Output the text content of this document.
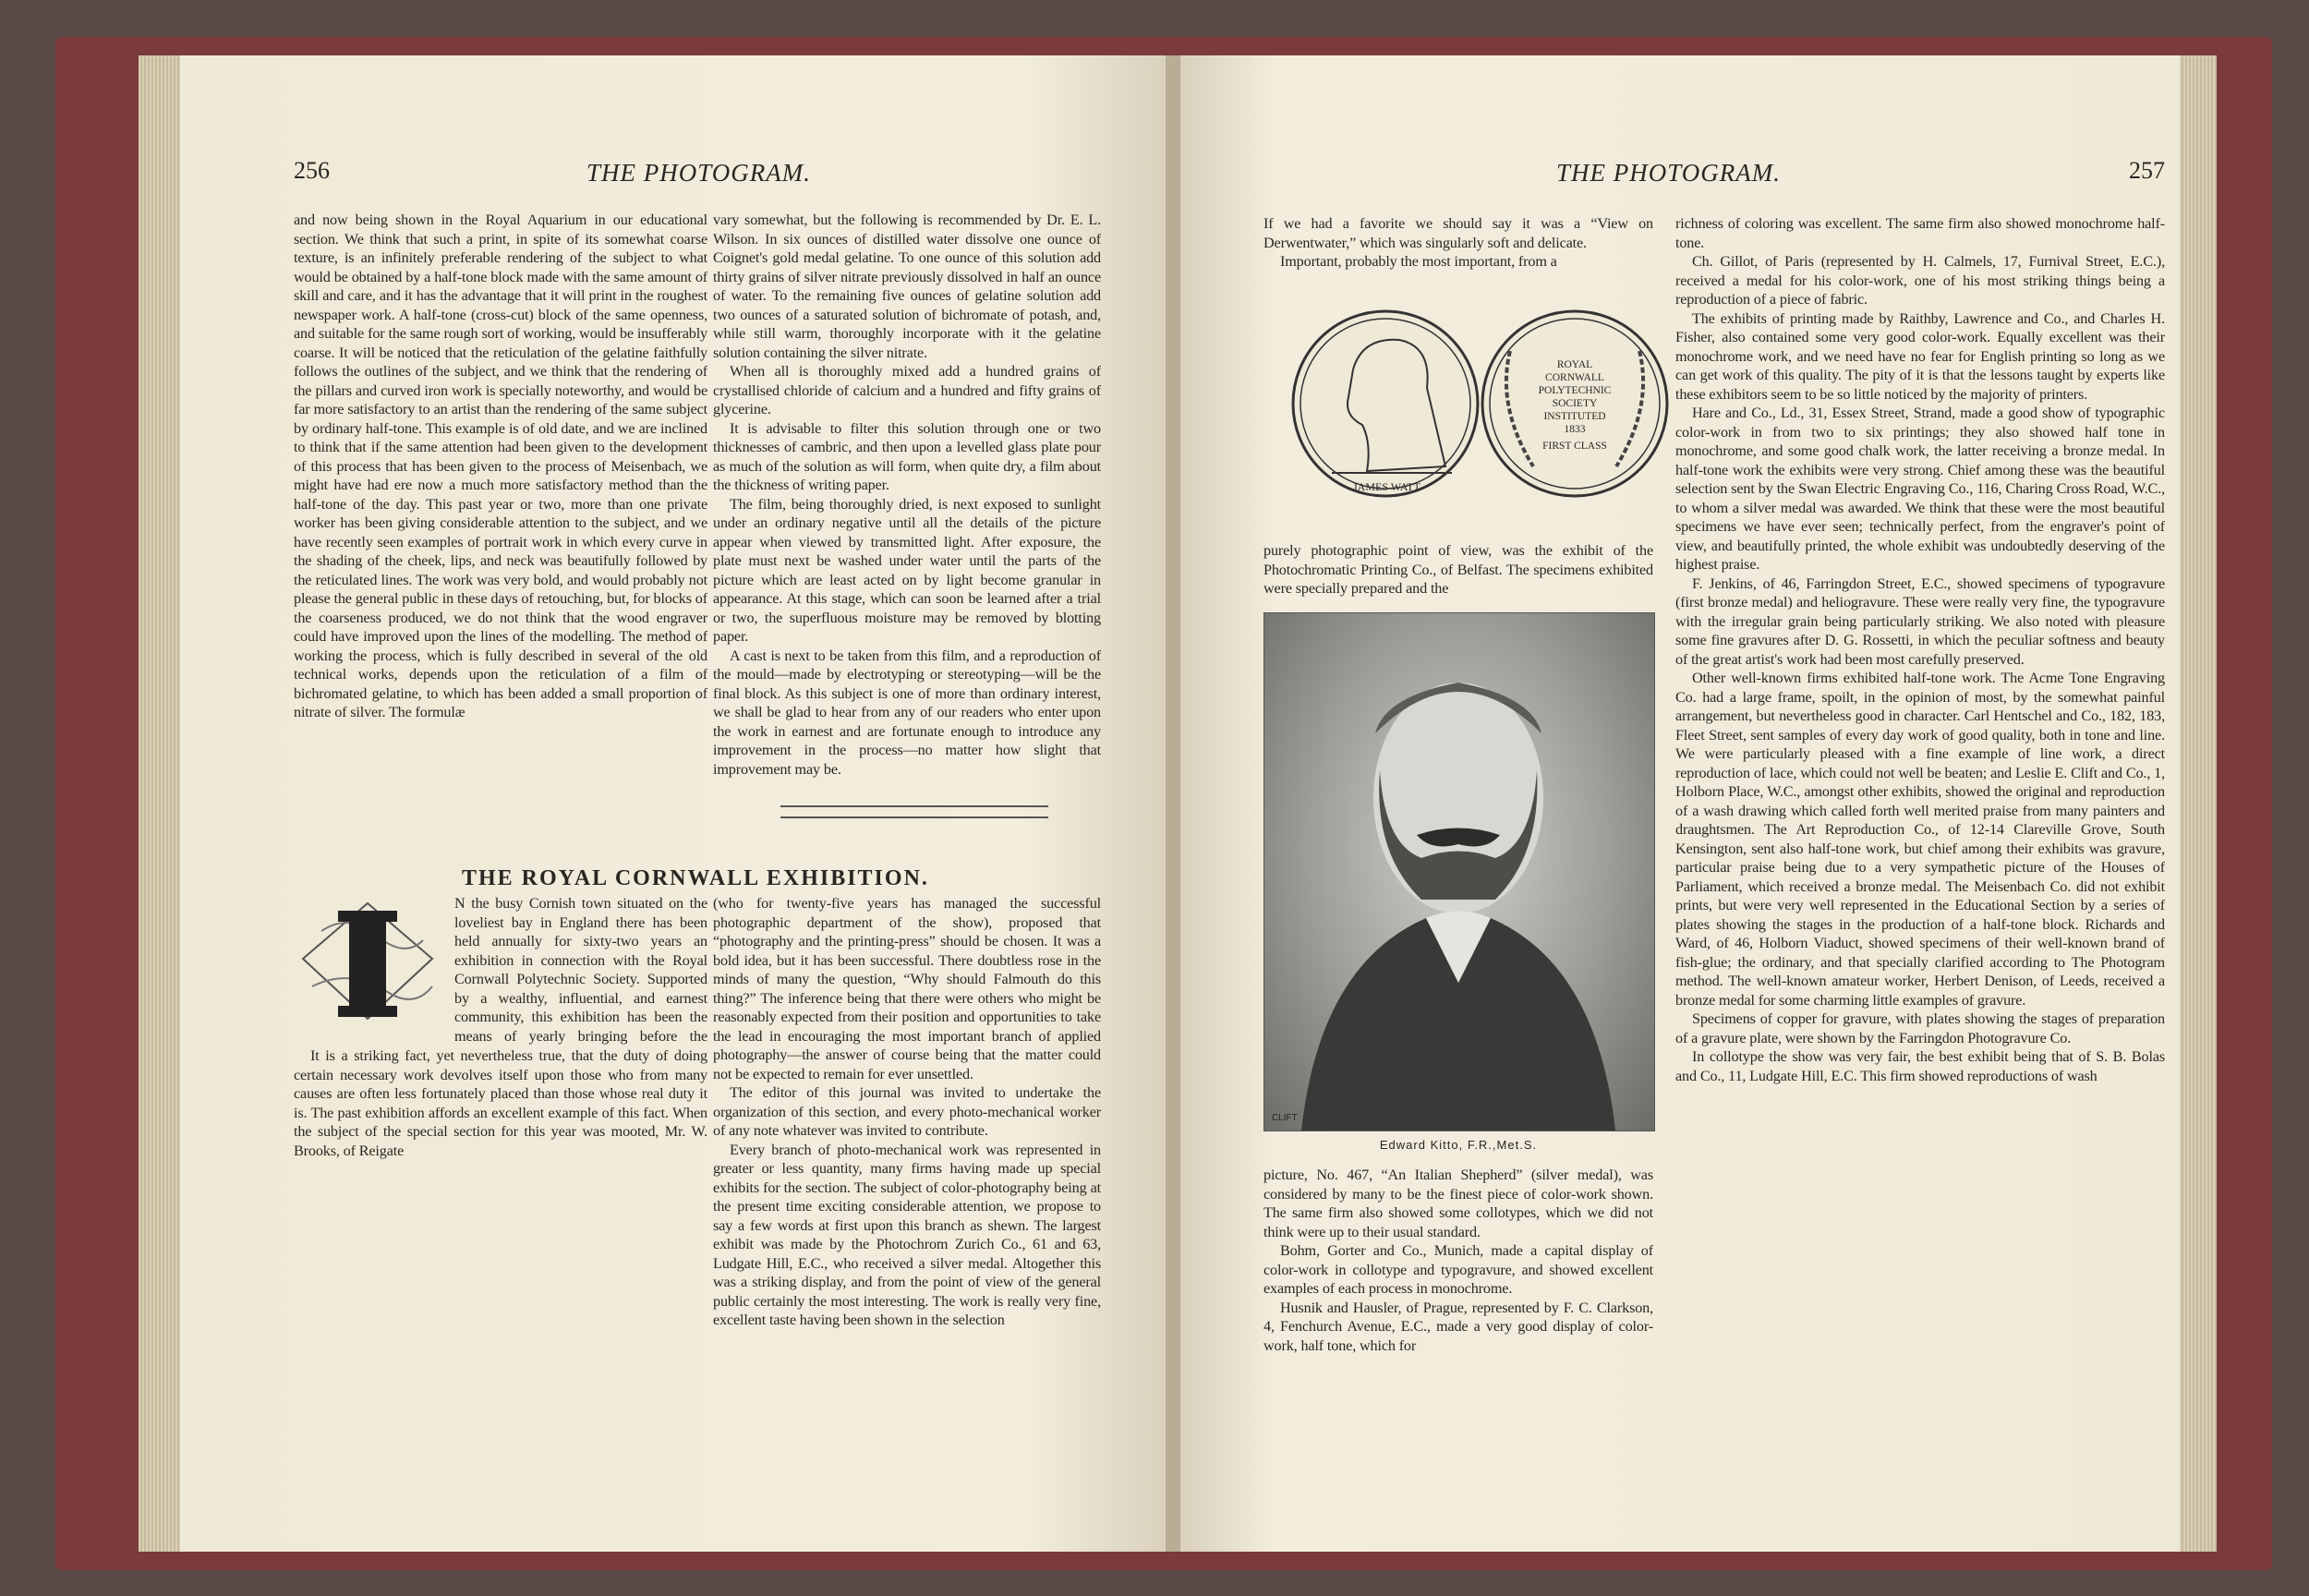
256	THE PHOTOGRAM.

and now being shown in the Royal Aquarium in our educational section. We think that such a print, in spite of its somewhat coarse texture, is an infinitely preferable rendering of the subject to what would be obtained by a half-tone block made with the same amount of skill and care, and it has the advantage that it will print in the roughest newspaper work. A half-tone (cross-cut) block of the same openness, and suitable for the same rough sort of working, would be insufferably coarse. It will be noticed that the reticulation of the gelatine faithfully follows the outlines of the subject, and we think that the rendering of the pillars and curved iron work is specially noteworthy, and would be far more satisfactory to an artist than the rendering of the same subject by ordinary half-tone. This example is of old date, and we are inclined to think that if the same attention had been given to the development of this process that has been given to the process of Meisenbach, we might have had ere now a much more satisfactory method than the half-tone of the day. This past year or two, more than one private worker has been giving considerable attention to the subject, and we have recently seen examples of portrait work in which every curve in the shading of the cheek, lips, and neck was beautifully followed by the reticulated lines. The work was very bold, and would probably not please the general public in these days of retouching, but, for blocks of the coarseness produced, we do not think that the wood engraver could have improved upon the lines of the modelling. The method of working the process, which is fully described in several of the old technical works, depends upon the reticulation of a film of bichromated gelatine, to which has been added a small proportion of nitrate of silver. The formulæ

vary somewhat, but the following is recommended by Dr. E. L. Wilson. In six ounces of distilled water dissolve one ounce of Coignet's gold medal gelatine. To one ounce of this solution add thirty grains of silver nitrate previously dissolved in half an ounce of water. To the remaining five ounces of gelatine solution add two ounces of a saturated solution of bichromate of potash, and, while still warm, thoroughly incorporate with it the gelatine solution containing the silver nitrate.

When all is thoroughly mixed add a hundred grains of crystallised chloride of calcium and a hundred and fifty grains of glycerine.

It is advisable to filter this solution through one or two thicknesses of cambric, and then upon a levelled glass plate pour as much of the solution as will form, when quite dry, a film about the thickness of writing paper.

The film, being thoroughly dried, is next exposed to sunlight under an ordinary negative until all the details of the picture appear when viewed by transmitted light. After exposure, the plate must next be washed under water until the parts of the picture which are least acted on by light become granular in appearance. At this stage, which can soon be learned after a trial or two, the superfluous moisture may be removed by blotting paper.

A cast is next to be taken from this film, and a reproduction of the mould—made by electrotyping or stereotyping—will be the final block. As this subject is one of more than ordinary interest, we shall be glad to hear from any of our readers who enter upon the work in earnest and are fortunate enough to introduce any improvement in the process—no matter how slight that improvement may be.

THE ROYAL CORNWALL EXHIBITION.

N the busy Cornish town situated on the loveliest bay in England there has been held annually for sixty-two years an exhibition in connection with the Royal Cornwall Polytechnic Society. Supported by a wealthy, influential, and earnest community, this exhibition has been the means of yearly bringing before the

It is a striking fact, yet nevertheless true, that the duty of doing certain necessary work devolves itself upon those who from many causes are often less fortunately placed than those whose real duty it is. The past exhibition affords an excellent example of this fact. When the subject of the special section for this year was mooted, Mr. W. Brooks, of Reigate

(who for twenty-five years has managed the successful photographic department of the show), proposed that “photography and the printing-press” should be chosen. It was a bold idea, but it has been successful. There doubtless rose in the minds of many the question, “Why should Falmouth do this thing?” The inference being that there were others who might be reasonably expected from their position and opportunities to take the lead in encouraging the most important branch of applied photography—the answer of course being that the matter could not be expected to remain for ever unsettled.

The editor of this journal was invited to undertake the organization of this section, and every photo-mechanical worker of any note whatever was invited to contribute.

Every branch of photo-mechanical work was represented in greater or less quantity, many firms having made up special exhibits for the section. The subject of color-photography being at the present time exciting considerable attention, we propose to say a few words at first upon this branch as shewn. The largest exhibit was made by the Photochrom Zurich Co., 61 and 63, Ludgate Hill, E.C., who received a silver medal. Altogether this was a striking display, and from the point of view of the general public certainly the most interesting. The work is really very fine, excellent taste having been shown in the selection

THE PHOTOGRAM.	257

If we had a favorite we should say it was a “View on Derwentwater,” which was singularly soft and delicate.

Important, probably the most important, from a

JAMES WATT
ROYAL
CORNWALL
POLYTECHNIC
SOCIETY
INSTITUTED
1833
FIRST CLASS

purely photographic point of view, was the exhibit of the Photochromatic Printing Co., of Belfast. The specimens exhibited were specially prepared and the

CLIFT
Edward Kitto, F.R.,Met.S.

picture, No. 467, “An Italian Shepherd” (silver medal), was considered by many to be the finest piece of color-work shown. The same firm also showed some collotypes, which we did not think were up to their usual standard.

Bohm, Gorter and Co., Munich, made a capital display of color-work in collotype and typogravure, and showed excellent examples of each process in monochrome.

Husnik and Hausler, of Prague, represented by F. C. Clarkson, 4, Fenchurch Avenue, E.C., made a very good display of color-work, half tone, which for

richness of coloring was excellent. The same firm also showed monochrome half-tone.

Ch. Gillot, of Paris (represented by H. Calmels, 17, Furnival Street, E.C.), received a medal for his color-work, one of his most striking things being a reproduction of a piece of fabric.

The exhibits of printing made by Raithby, Lawrence and Co., and Charles H. Fisher, also contained some very good color-work. Equally excellent was their monochrome work, and we need have no fear for English printing so long as we can get work of this quality. The pity of it is that the lessons taught by experts like these exhibitors seem to be so little noticed by the majority of printers.

Hare and Co., Ld., 31, Essex Street, Strand, made a good show of typographic color-work in from two to six printings; they also showed half tone in monochrome, and some good chalk work, the latter receiving a bronze medal. In half-tone work the exhibits were very strong. Chief among these was the beautiful selection sent by the Swan Electric Engraving Co., 116, Charing Cross Road, W.C., to whom a silver medal was awarded. We think that these were the most beautiful specimens we have ever seen; technically perfect, from the engraver's point of view, and beautifully printed, the whole exhibit was undoubtedly deserving of the highest praise.

F. Jenkins, of 46, Farringdon Street, E.C., showed specimens of typogravure (first bronze medal) and heliogravure. These were really very fine, the typogravure with the irregular grain being particularly striking. We also noted with pleasure some fine gravures after D. G. Rossetti, in which the peculiar softness and beauty of the great artist's work had been most carefully preserved.

Other well-known firms exhibited half-tone work. The Acme Tone Engraving Co. had a large frame, spoilt, in the opinion of most, by the somewhat painful arrangement, but nevertheless good in character. Carl Hentschel and Co., 182, 183, Fleet Street, sent samples of every day work of good quality, both in tone and line. We were particularly pleased with a fine example of line work, a direct reproduction of lace, which could not well be beaten; and Leslie E. Clift and Co., 1, Holborn Place, W.C., amongst other exhibits, showed the original and reproduction of a wash drawing which called forth well merited praise from many painters and draughtsmen. The Art Reproduction Co., of 12-14 Clareville Grove, South Kensington, sent also half-tone work, but chief among their exhibits was gravure, particular praise being due to a very sympathetic picture of the Houses of Parliament, which received a bronze medal. The Meisenbach Co. did not exhibit prints, but were very well represented in the Educational Section by a series of plates showing the stages in the production of a half-tone block. Richards and Ward, of 46, Holborn Viaduct, showed specimens of their well-known brand of fish-glue; the ordinary, and that specially clarified according to The Photogram method. The well-known amateur worker, Herbert Denison, of Leeds, received a bronze medal for some charming little examples of gravure.

Specimens of copper for gravure, with plates showing the stages of preparation of a gravure plate, were shown by the Farringdon Photogravure Co.

In collotype the show was very fair, the best exhibit being that of S. B. Bolas and Co., 11, Ludgate Hill, E.C. This firm showed reproductions of wash
